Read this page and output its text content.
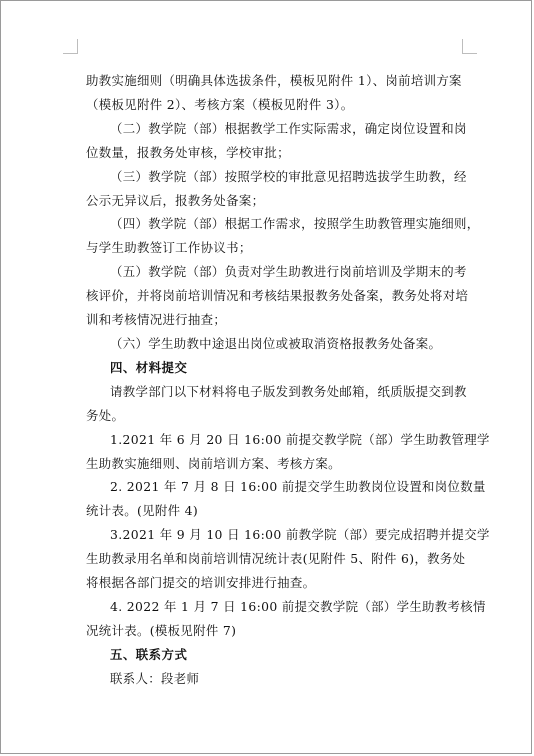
助教实施细则（明确具体选拔条件，模板见附件 1）、岗前培训方案
（模板见附件 2）、考核方案（模板见附件 3）。

（二）教学院（部）根据教学工作实际需求，确定岗位设置和岗
位数量，报教务处审核，学校审批；

（三）教学院（部）按照学校的审批意见招聘选拔学生助教，经
公示无异议后，报教务处备案；

（四）教学院（部）根据工作需求，按照学生助教管理实施细则，
与学生助教签订工作协议书；

（五）教学院（部）负责对学生助教进行岗前培训及学期末的考
核评价，并将岗前培训情况和考核结果报教务处备案，教务处将对培
训和考核情况进行抽查；

（六）学生助教中途退出岗位或被取消资格报教务处备案。

四、材料提交

请教学部门以下材料将电子版发到教务处邮箱，纸质版提交到教
务处。

1.2021 年 6 月 20 日 16:00 前提交教学院（部）学生助教管理学
生助教实施细则、岗前培训方案、考核方案。

2. 2021 年 7 月 8 日 16:00 前提交学生助教岗位设置和岗位数量
统计表。(见附件 4)

3.2021 年 9 月 10 日 16:00 前教学院（部）要完成招聘并提交学
生助教录用名单和岗前培训情况统计表(见附件 5、附件 6)，教务处
将根据各部门提交的培训安排进行抽查。

4. 2022 年 1 月 7 日 16:00 前提交教学院（部）学生助教考核情
况统计表。(模板见附件 7)

五、联系方式

联系人：段老师
